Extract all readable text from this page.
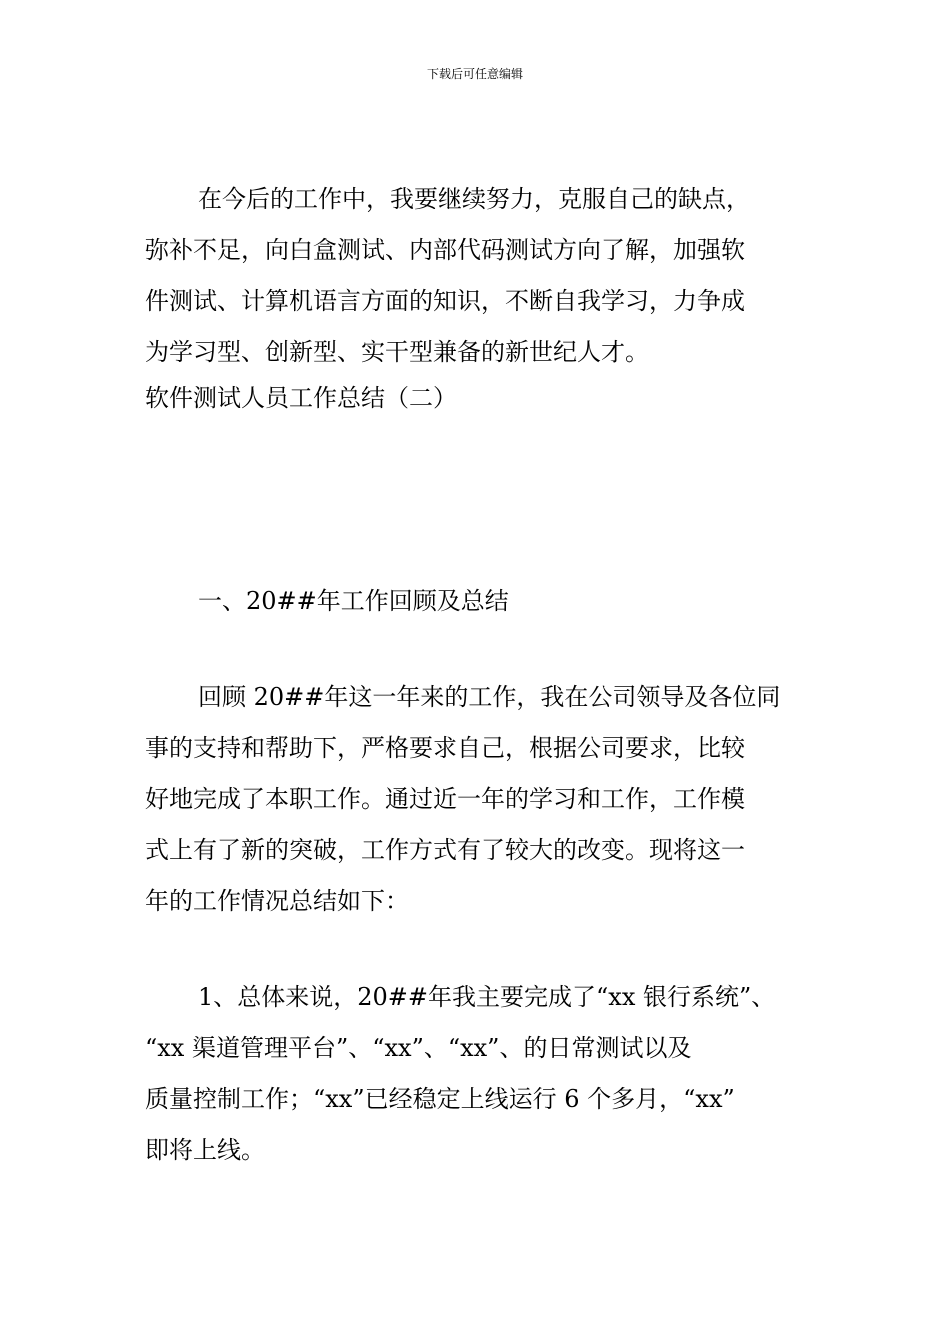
下载后可任意编辑
在今后的工作中，我要继续努力，克服自己的缺点，
弥补不足，向白盒测试、内部代码测试方向了解，加强软
件测试、计算机语言方面的知识，不断自我学习，力争成
为学习型、创新型、实干型兼备的新世纪人才。
软件测试人员工作总结（二）
一、20##年工作回顾及总结
回顾 20##年这一年来的工作，我在公司领导及各位同
事的支持和帮助下，严格要求自己，根据公司要求，比较
好地完成了本职工作。通过近一年的学习和工作，工作模
式上有了新的突破，工作方式有了较大的改变。现将这一
年的工作情况总结如下：
1、总体来说，20##年我主要完成了“xx 银行系统”、
“xx 渠道管理平台”、“xx”、“xx”、的日常测试以及
质量控制工作；“xx”已经稳定上线运行 6 个多月，“xx”
即将上线。
